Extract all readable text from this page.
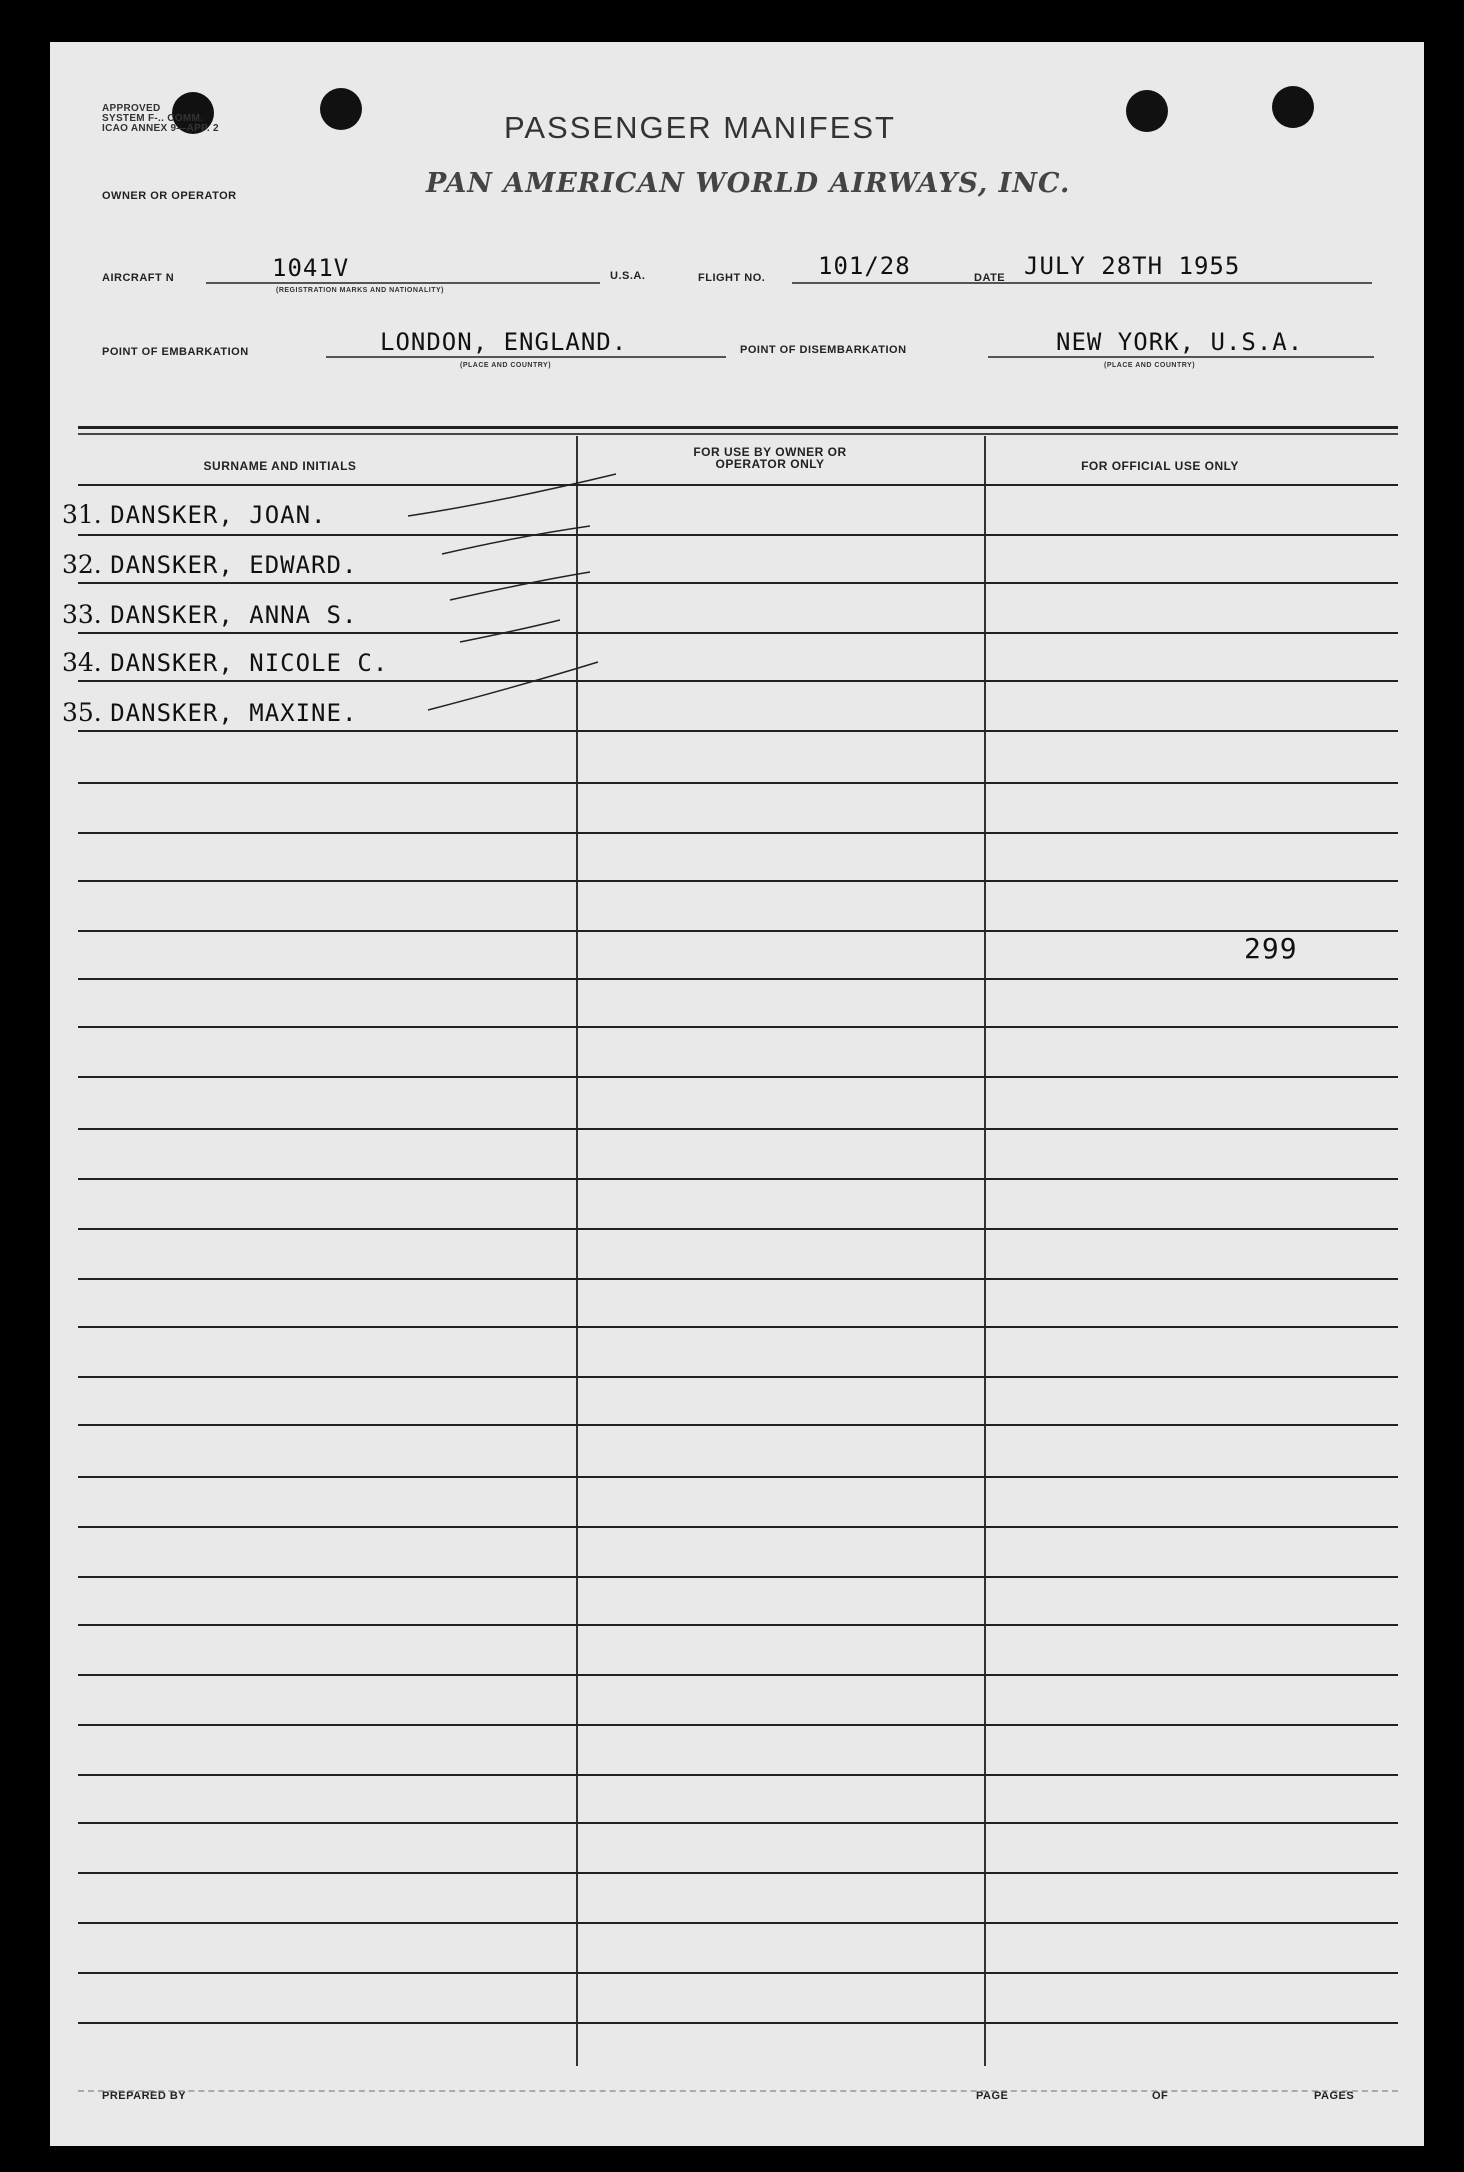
APPROVED
SYSTEM F-.. COMM.
ICAO ANNEX 9—APP. 2	PASSENGER MANIFEST
OWNER OR OPERATOR	PAN AMERICAN WORLD AIRWAYS, INC.
AIRCRAFT N	1041V
(REGISTRATION MARKS AND NATIONALITY)
U.S.A.	FLIGHT NO. 101/28	DATE JULY 28TH 1955
POINT OF EMBARKATION	LONDON, ENGLAND.
(PLACE AND COUNTRY)
POINT OF DISEMBARKATION	NEW YORK, U.S.A.
(PLACE AND COUNTRY)
SURNAME AND INITIALS
FOR USE BY OWNER OR OPERATOR ONLY	FOR OFFICIAL USE ONLY
31. DANSKER, JOAN.
32. DANSKER, EDWARD.
33. DANSKER, ANNA S.
34. DANSKER, NICOLE C.
35. DANSKER, MAXINE.
299
PREPARED BY	PAGE	OF	PAGES
